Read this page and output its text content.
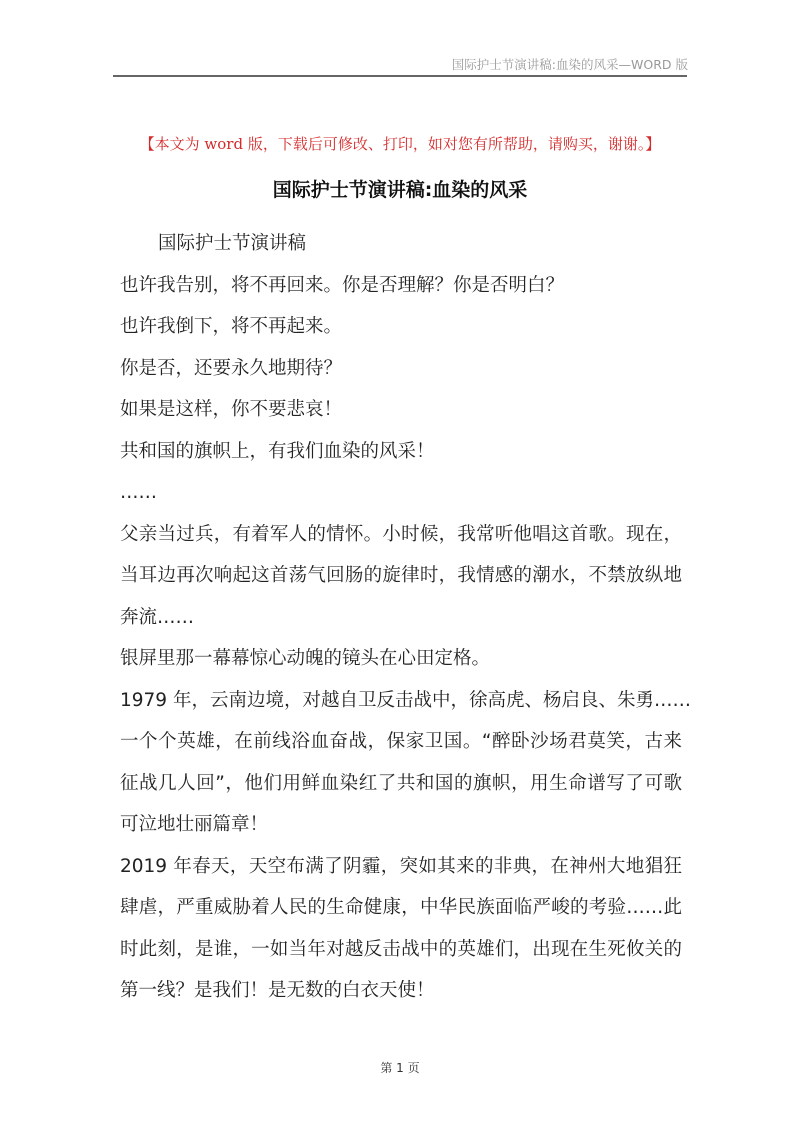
国际护士节演讲稿:血染的风采—WORD 版
【本文为 word 版，下载后可修改、打印，如对您有所帮助，请购买，谢谢。】
国际护士节演讲稿:血染的风采

国际护士节演讲稿
也许我告别，将不再回来。你是否理解？你是否明白？
也许我倒下，将不再起来。
你是否，还要永久地期待？
如果是这样，你不要悲哀！
共和国的旗帜上，有我们血染的风采！
……
父亲当过兵，有着军人的情怀。小时候，我常听他唱这首歌。现在，
当耳边再次响起这首荡气回肠的旋律时，我情感的潮水，不禁放纵地
奔流……
银屏里那一幕幕惊心动魄的镜头在心田定格。
1979 年，云南边境，对越自卫反击战中，徐高虎、杨启良、朱勇……
一个个英雄，在前线浴血奋战，保家卫国。“醉卧沙场君莫笑，古来
征战几人回”，他们用鲜血染红了共和国的旗帜，用生命谱写了可歌
可泣地壮丽篇章！
2019 年春天，天空布满了阴霾，突如其来的非典，在神州大地猖狂
肆虐，严重威胁着人民的生命健康，中华民族面临严峻的考验……此
时此刻，是谁，一如当年对越反击战中的英雄们，出现在生死攸关的
第一线？是我们！是无数的白衣天使！
第 1 页
